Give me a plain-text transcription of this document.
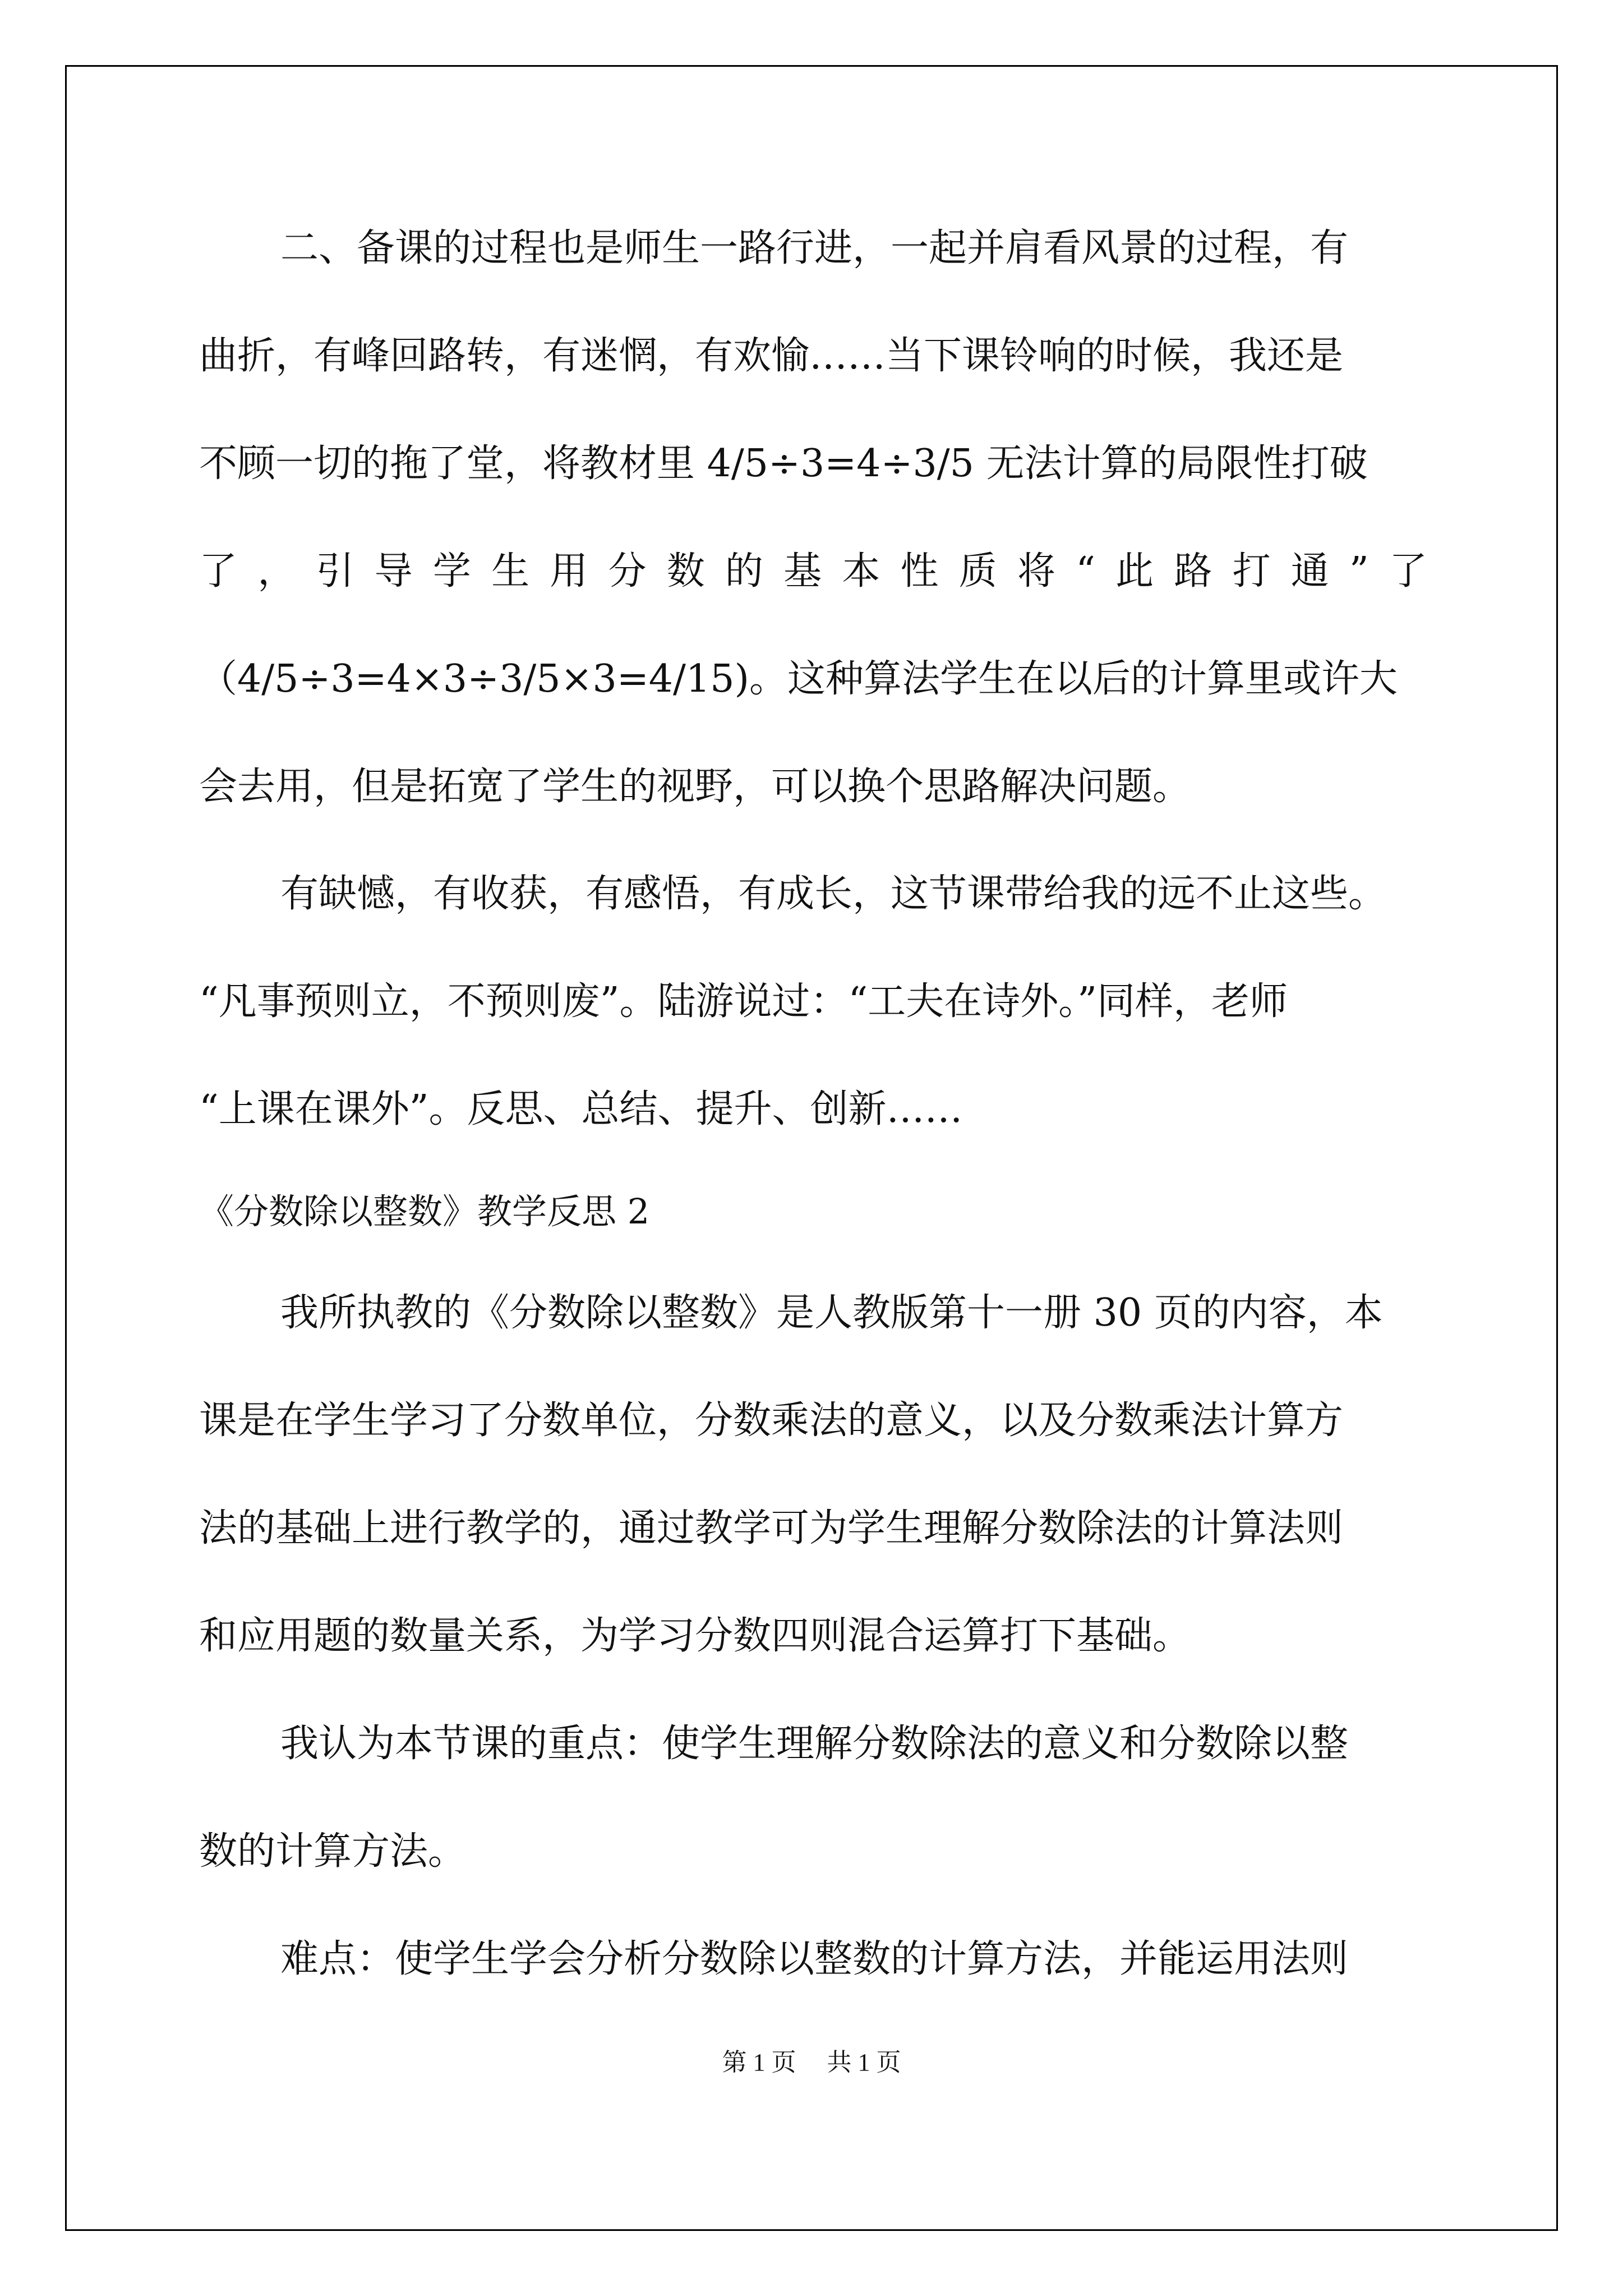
二、备课的过程也是师生一路行进，一起并肩看风景的过程，有
曲折，有峰回路转，有迷惘，有欢愉……当下课铃响的时候，我还是
不顾一切的拖了堂，将教材里 4/5÷3=4÷3/5 无法计算的局限性打破
了，引导学生用分数的基本性质将“此路打通”了
（4/5÷3=4×3÷3/5×3=4/15)。这种算法学生在以后的计算里或许大
会去用，但是拓宽了学生的视野，可以换个思路解决问题。
有缺憾，有收获，有感悟，有成长，这节课带给我的远不止这些。
“凡事预则立，不预则废”。陆游说过：“工夫在诗外。”同样，老师
“上课在课外”。反思、总结、提升、创新……
《分数除以整数》教学反思 2
我所执教的《分数除以整数》是人教版第十一册 30 页的内容，本
课是在学生学习了分数单位，分数乘法的意义，以及分数乘法计算方
法的基础上进行教学的，通过教学可为学生理解分数除法的计算法则
和应用题的数量关系，为学习分数四则混合运算打下基础。
我认为本节课的重点：使学生理解分数除法的意义和分数除以整
数的计算方法。
难点：使学生学会分析分数除以整数的计算方法，并能运用法则
第 1 页 共 1 页
